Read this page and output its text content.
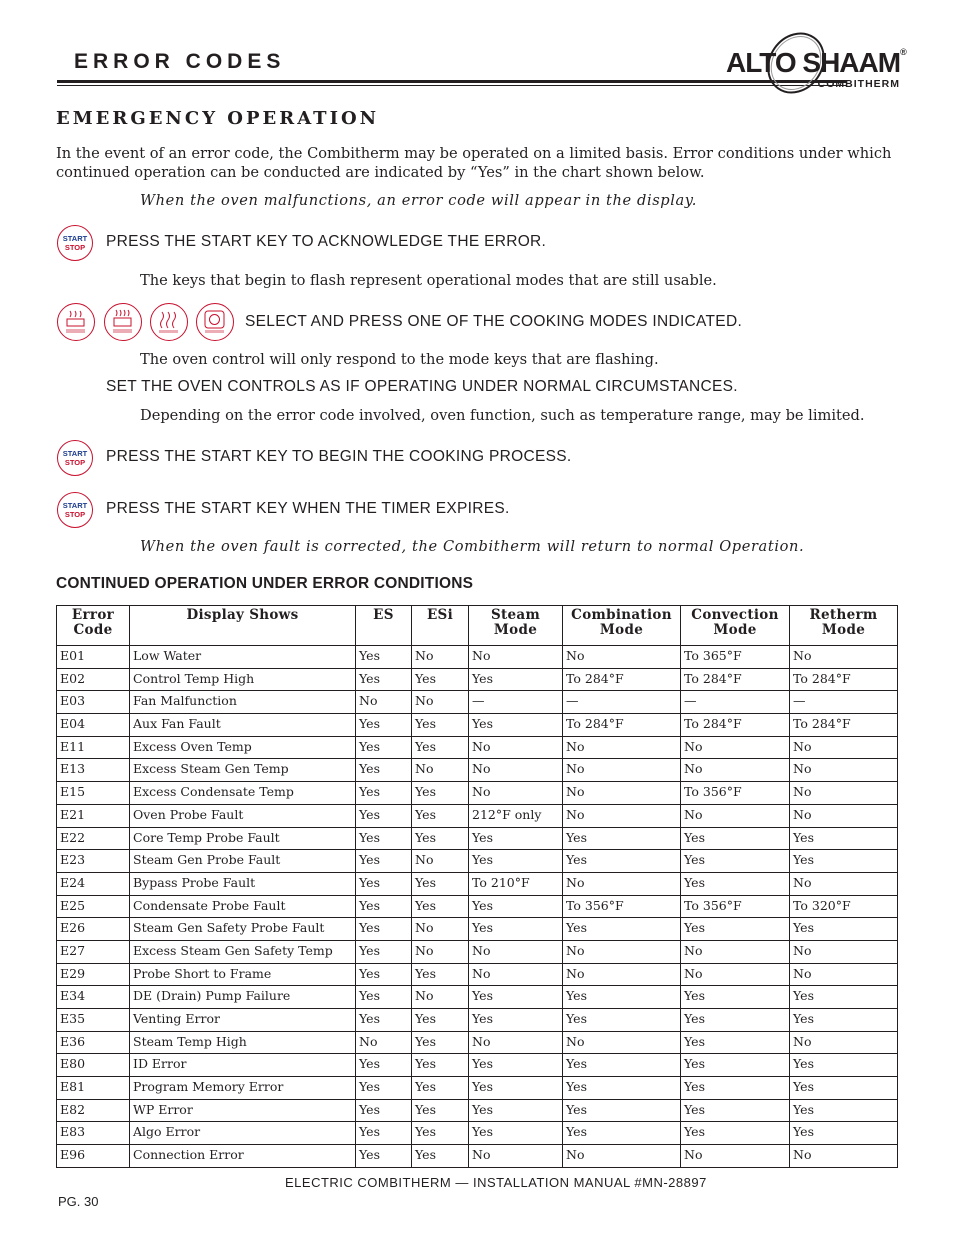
ERROR CODES	ALTO SHAAM®
COMBITHERM
EMERGENCY OPERATION

In the event of an error code, the Combitherm may be operated on a limited basis. Error conditions under which continued operation can be conducted are indicated by “Yes” in the chart shown below.

When the oven malfunctions, an error code will appear in the display.

START
STOP PRESS THE START KEY TO ACKNOWLEDGE THE ERROR.

The keys that begin to flash represent operational modes that are still usable.

SELECT AND PRESS ONE OF THE COOKING MODES INDICATED.

The oven control will only respond to the mode keys that are flashing.

SET THE OVEN CONTROLS AS IF OPERATING UNDER NORMAL CIRCUMSTANCES.

Depending on the error code involved, oven function, such as temperature range, may be limited.

START
STOP PRESS THE START KEY TO BEGIN THE COOKING PROCESS.

START
STOP PRESS THE START KEY WHEN THE TIMER EXPIRES.

When the oven fault is corrected, the Combitherm will return to normal Operation.

CONTINUED OPERATION UNDER ERROR CONDITIONS
Error Code	Display Shows	ES	ESi	Steam Mode	Combination Mode	Convection Mode	Retherm Mode
E01	Low Water	Yes	No	No	No	To 365°F	No
E02	Control Temp High	Yes	Yes	Yes	To 284°F	To 284°F	To 284°F
E03	Fan Malfunction	No	No	—	—	—	—
E04	Aux Fan Fault	Yes	Yes	Yes	To 284°F	To 284°F	To 284°F
E11	Excess Oven Temp	Yes	Yes	No	No	No	No
E13	Excess Steam Gen Temp	Yes	No	No	No	No	No
E15	Excess Condensate Temp	Yes	Yes	No	No	To 356°F	No
E21	Oven Probe Fault	Yes	Yes	212°F only	No	No	No
E22	Core Temp Probe Fault	Yes	Yes	Yes	Yes	Yes	Yes
E23	Steam Gen Probe Fault	Yes	No	Yes	Yes	Yes	Yes
E24	Bypass Probe Fault	Yes	Yes	To 210°F	No	Yes	No
E25	Condensate Probe Fault	Yes	Yes	Yes	To 356°F	To 356°F	To 320°F
E26	Steam Gen Safety Probe Fault	Yes	No	Yes	Yes	Yes	Yes
E27	Excess Steam Gen Safety Temp	Yes	No	No	No	No	No
E29	Probe Short to Frame	Yes	Yes	No	No	No	No
E34	DE (Drain) Pump Failure	Yes	No	Yes	Yes	Yes	Yes
E35	Venting Error	Yes	Yes	Yes	Yes	Yes	Yes
E36	Steam Temp High	No	Yes	No	No	Yes	No
E80	ID Error	Yes	Yes	Yes	Yes	Yes	Yes
E81	Program Memory Error	Yes	Yes	Yes	Yes	Yes	Yes
E82	WP Error	Yes	Yes	Yes	Yes	Yes	Yes
E83	Algo Error	Yes	Yes	Yes	Yes	Yes	Yes
E96	Connection Error	Yes	Yes	No	No	No	No

ELECTRIC COMBITHERM — INSTALLATION MANUAL #MN-28897

PG. 30
